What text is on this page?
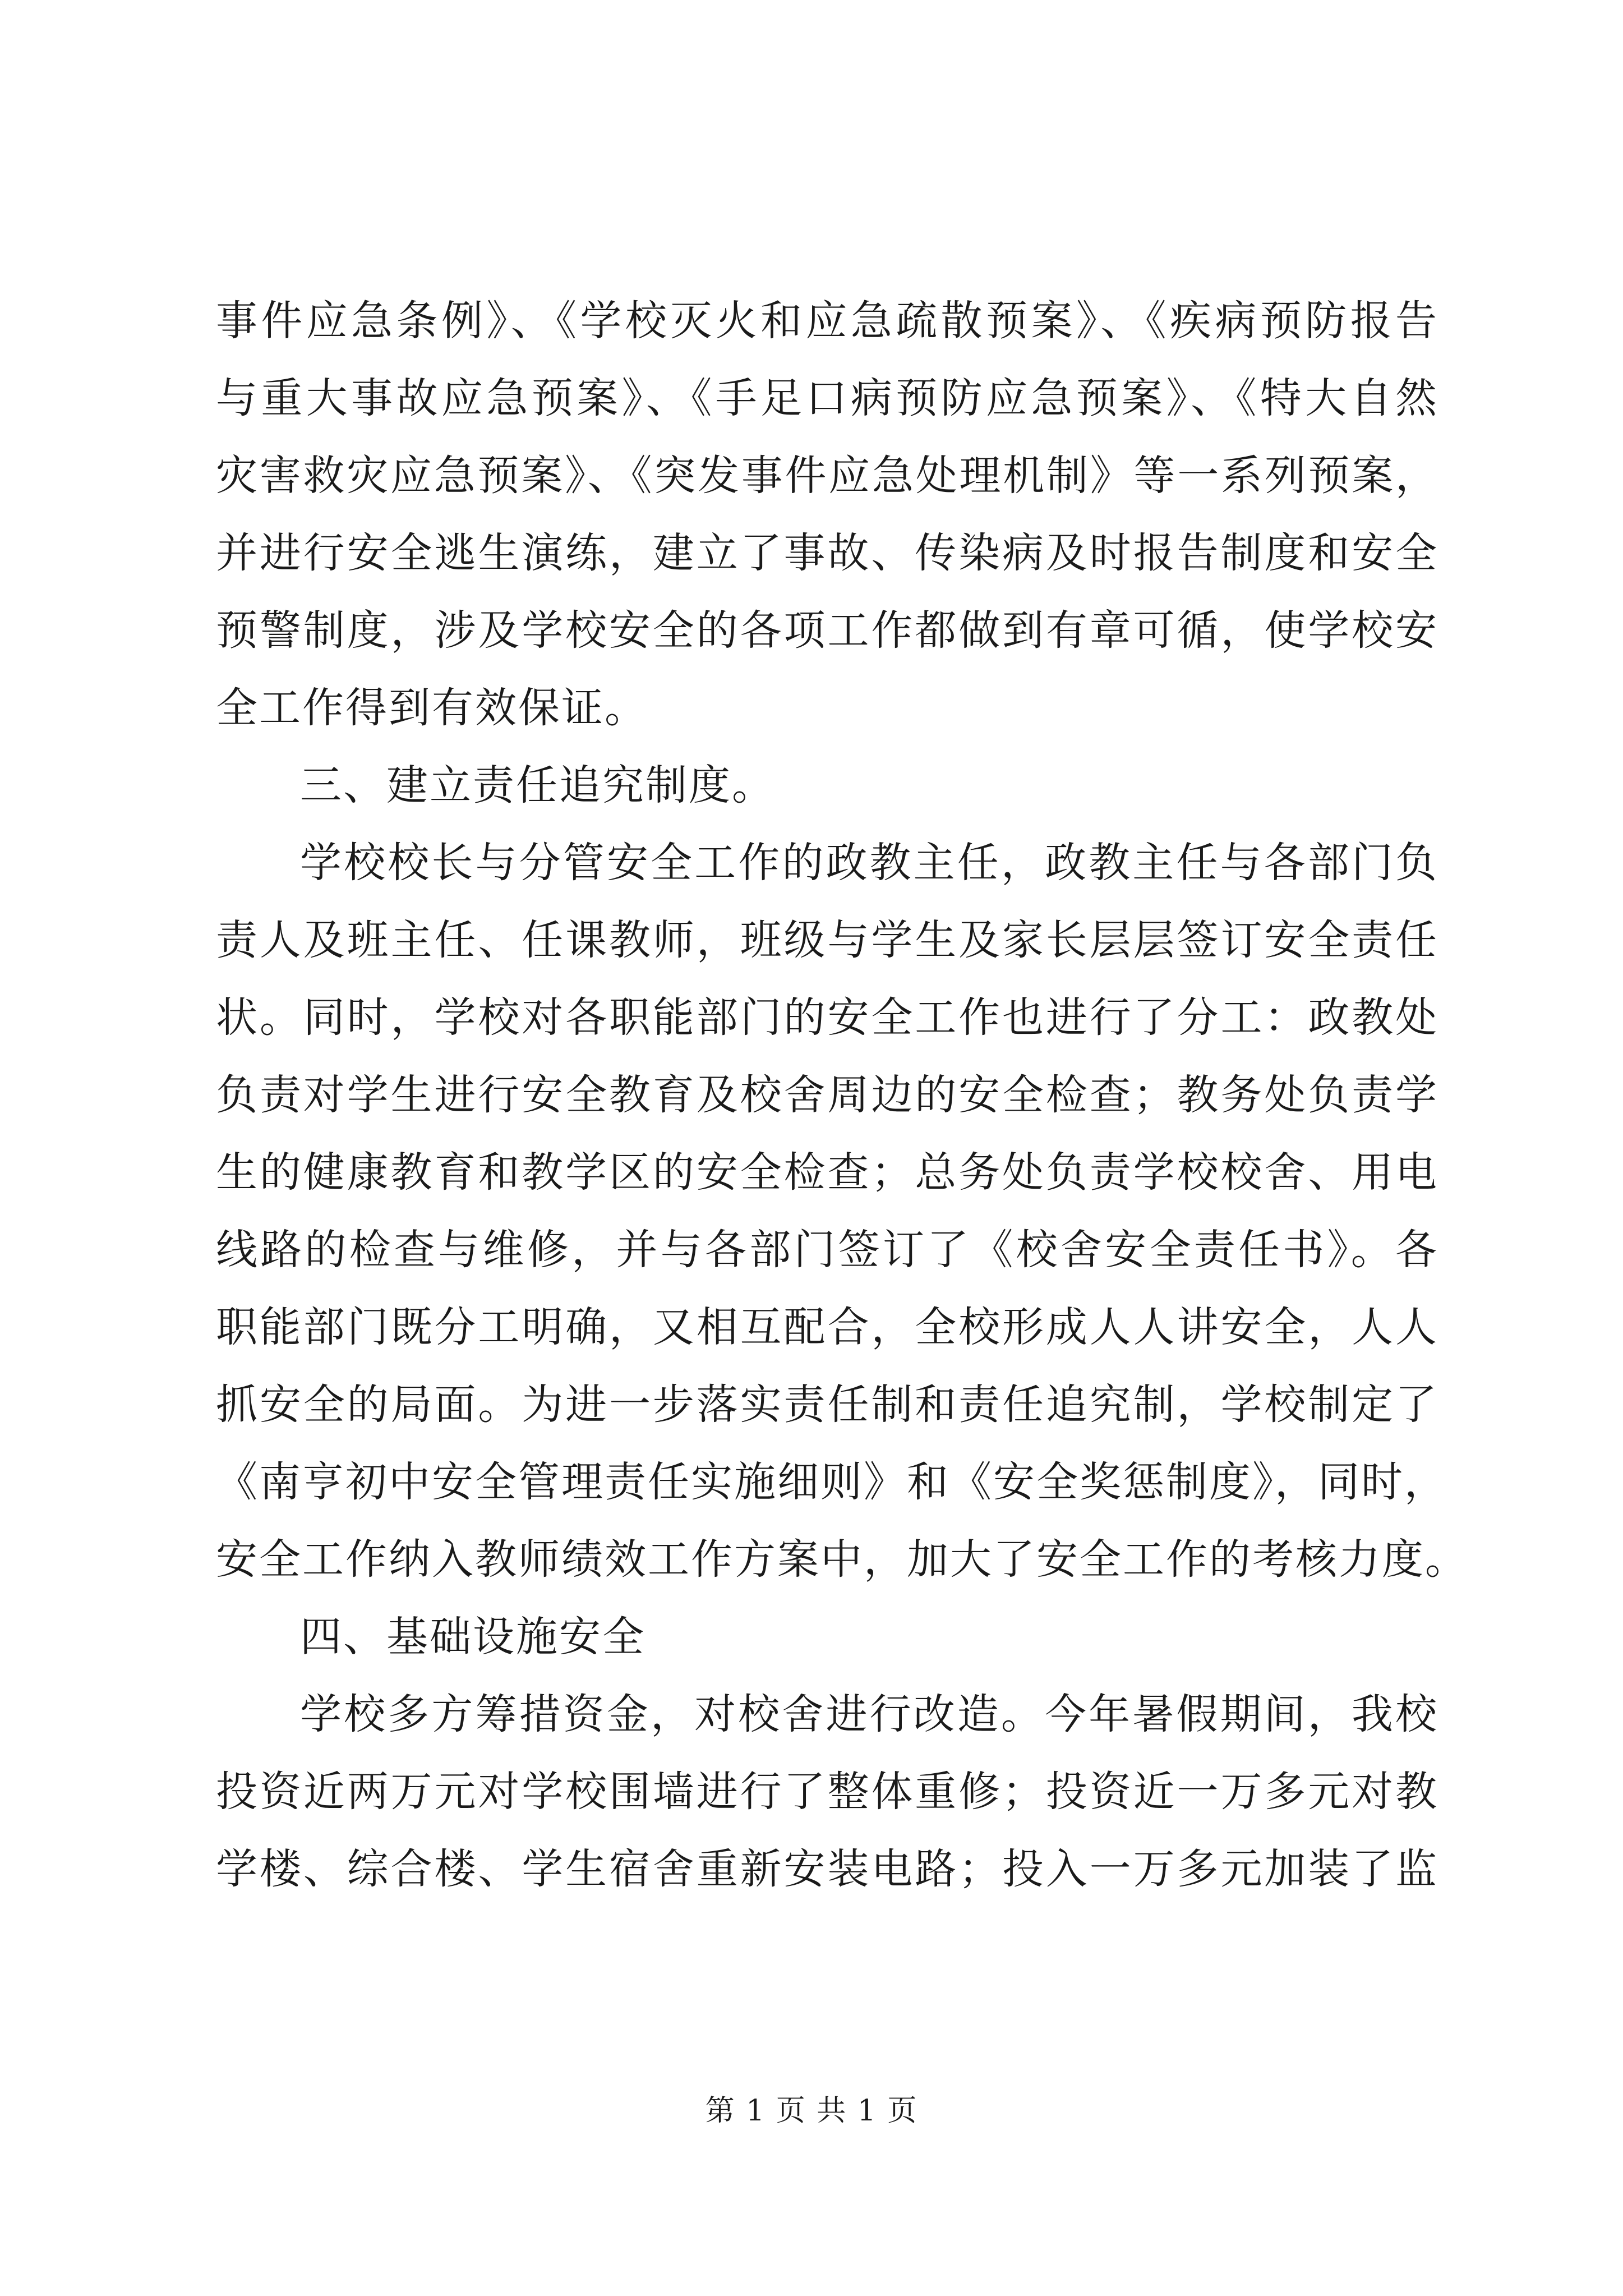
事件应急条例》、《学校灭火和应急疏散预案》、《疾病预防报告
与重大事故应急预案》、《手足口病预防应急预案》、《特大自然
灾害救灾应急预案》、《突发事件应急处理机制》等一系列预案，
并进行安全逃生演练，建立了事故、传染病及时报告制度和安全
预警制度，涉及学校安全的各项工作都做到有章可循，使学校安
全工作得到有效保证。
三、建立责任追究制度。
学校校长与分管安全工作的政教主任，政教主任与各部门负
责人及班主任、任课教师，班级与学生及家长层层签订安全责任
状。同时，学校对各职能部门的安全工作也进行了分工：政教处
负责对学生进行安全教育及校舍周边的安全检查；教务处负责学
生的健康教育和教学区的安全检查；总务处负责学校校舍、用电
线路的检查与维修，并与各部门签订了《校舍安全责任书》。各
职能部门既分工明确，又相互配合，全校形成人人讲安全，人人
抓安全的局面。为进一步落实责任制和责任追究制，学校制定了
《南亨初中安全管理责任实施细则》和《安全奖惩制度》，同时，
安全工作纳入教师绩效工作方案中，加大了安全工作的考核力度。
四、基础设施安全
学校多方筹措资金，对校舍进行改造。今年暑假期间，我校
投资近两万元对学校围墙进行了整体重修；投资近一万多元对教
学楼、综合楼、学生宿舍重新安装电路；投入一万多元加装了监
第 1 页 共 1 页
